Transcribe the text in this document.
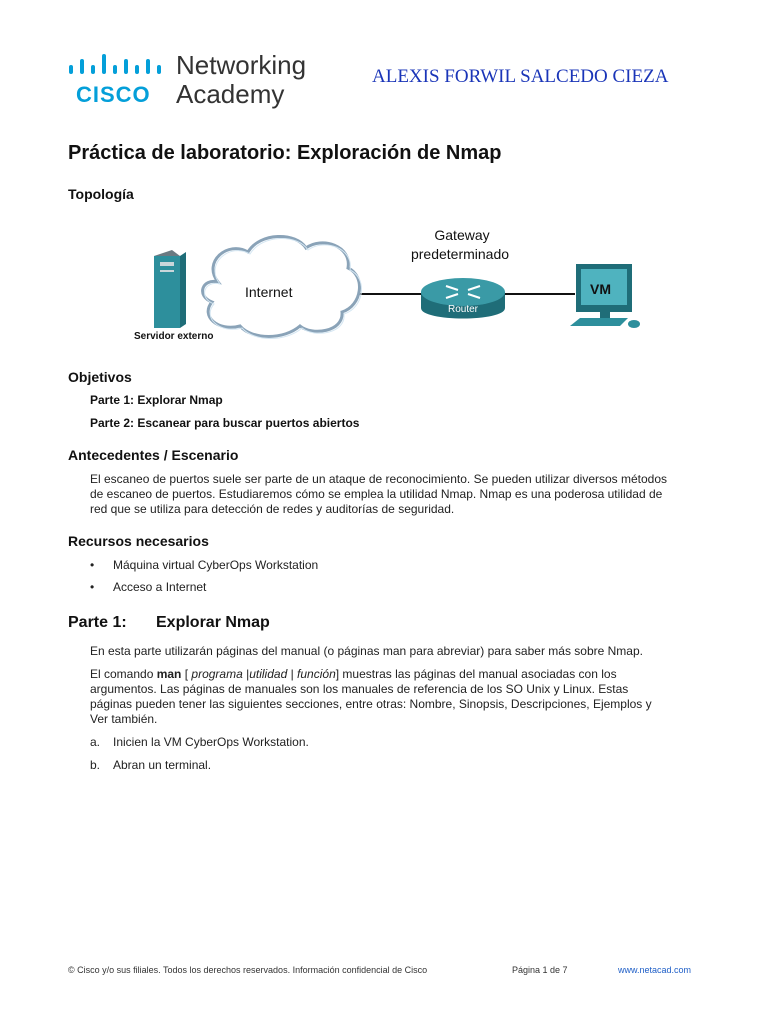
CISCO
Networking
Academy
ALEXIS FORWIL SALCEDO CIEZA
Práctica de laboratorio: Exploración de Nmap
Topología
Internet
Servidor externo
Gateway
predeterminado
Router
VM
Objetivos
Parte 1: Explorar Nmap
Parte 2: Escanear para buscar puertos abiertos
Antecedentes / Escenario
El escaneo de puertos suele ser parte de un ataque de reconocimiento. Se pueden utilizar diversos métodos
de escaneo de puertos. Estudiaremos cómo se emplea la utilidad Nmap. Nmap es una poderosa utilidad de
red que se utiliza para detección de redes y auditorías de seguridad.
Recursos necesarios
• Máquina virtual CyberOps Workstation
• Acceso a Internet
Parte 1: Explorar Nmap
En esta parte utilizarán páginas del manual (o páginas man para abreviar) para saber más sobre Nmap.
El comando man [ programa |utilidad | función] muestras las páginas del manual asociadas con los
argumentos. Las páginas de manuales son los manuales de referencia de los SO Unix y Linux. Estas
páginas pueden tener las siguientes secciones, entre otras: Nombre, Sinopsis, Descripciones, Ejemplos y
Ver también.
a. Inicien la VM CyberOps Workstation.
b. Abran un terminal.
© Cisco y/o sus filiales. Todos los derechos reservados. Información confidencial de Cisco	Página 1 de 7	www.netacad.com
